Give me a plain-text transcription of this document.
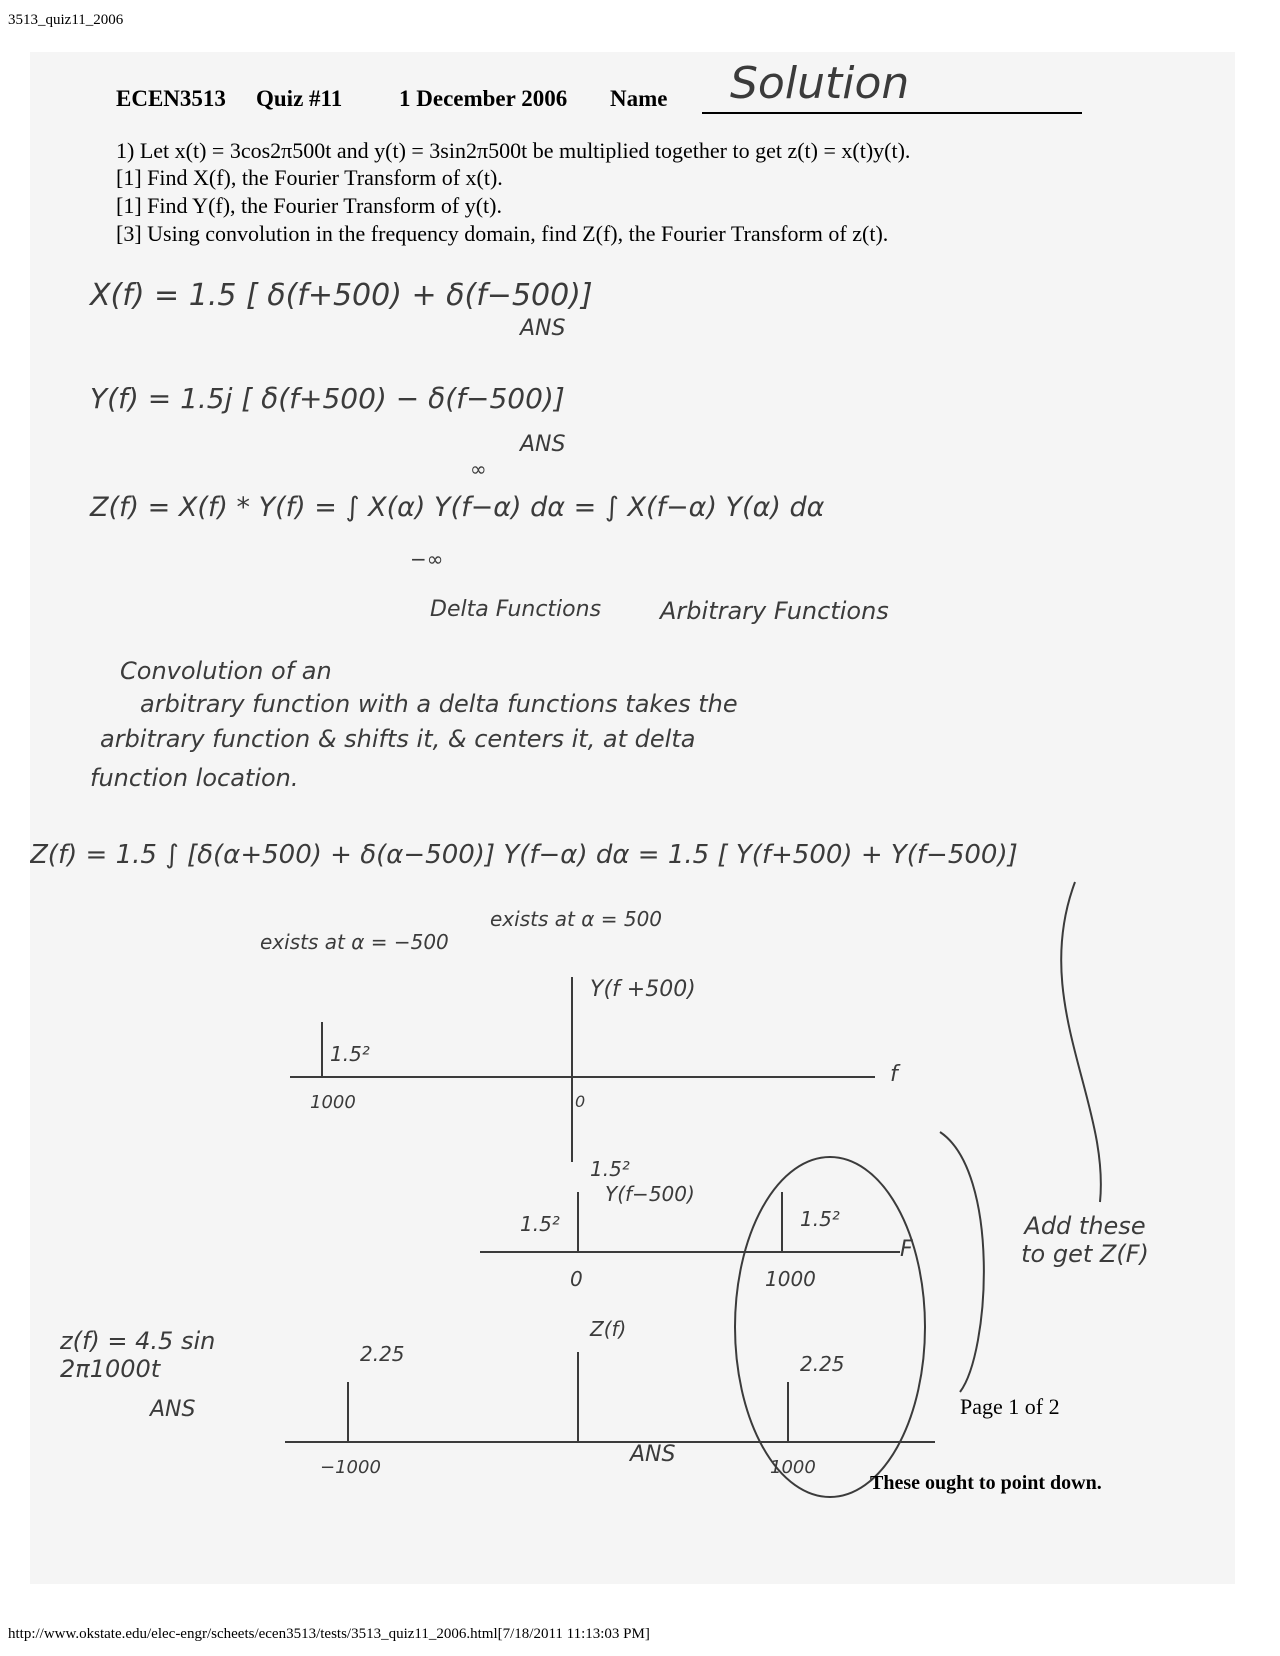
3513_quiz11_2006
ECEN3513 Quiz #11 1 December 2006 Name Solution
1) Let x(t) = 3cos2π500t and y(t) = 3sin2π500t be multiplied together to get z(t) = x(t)y(t).
[1] Find X(f), the Fourier Transform of x(t).
[1] Find Y(f), the Fourier Transform of y(t).
[3] Using convolution in the frequency domain, find Z(f), the Fourier Transform of z(t).
X(f) = 1.5 [ δ(f+500) + δ(f−500)]
ANS
Y(f) = 1.5j [ δ(f+500) − δ(f−500)]
ANS
Z(f) = X(f) * Y(f) = ∫ X(α) Y(f−α) dα = ∫ X(f−α) Y(α) dα
∞
−∞
Delta Functions Arbitrary Functions
Convolution of an
arbitrary function with a delta functions takes the
arbitrary function & shifts it, & centers it, at delta
function location.
Z(f) = 1.5 ∫ [δ(α+500) + δ(α−500)] Y(f−α) dα = 1.5 [ Y(f+500) + Y(f−500)]
exists at α = −500
exists at α = 500
Y(f +500)
1.5²
1.5²
1000	0
f
Y(f−500)
1.5²	1.5²
0	1000
F
Z(f)
2.25	2.25
−1000	1000
Add these to get Z(F)
z(f) = 4.5 sin 2π1000t
ANS
ANS
Page 1 of 2
These ought to point down.
http://www.okstate.edu/elec-engr/scheets/ecen3513/tests/3513_quiz11_2006.html[7/18/2011 11:13:03 PM]
